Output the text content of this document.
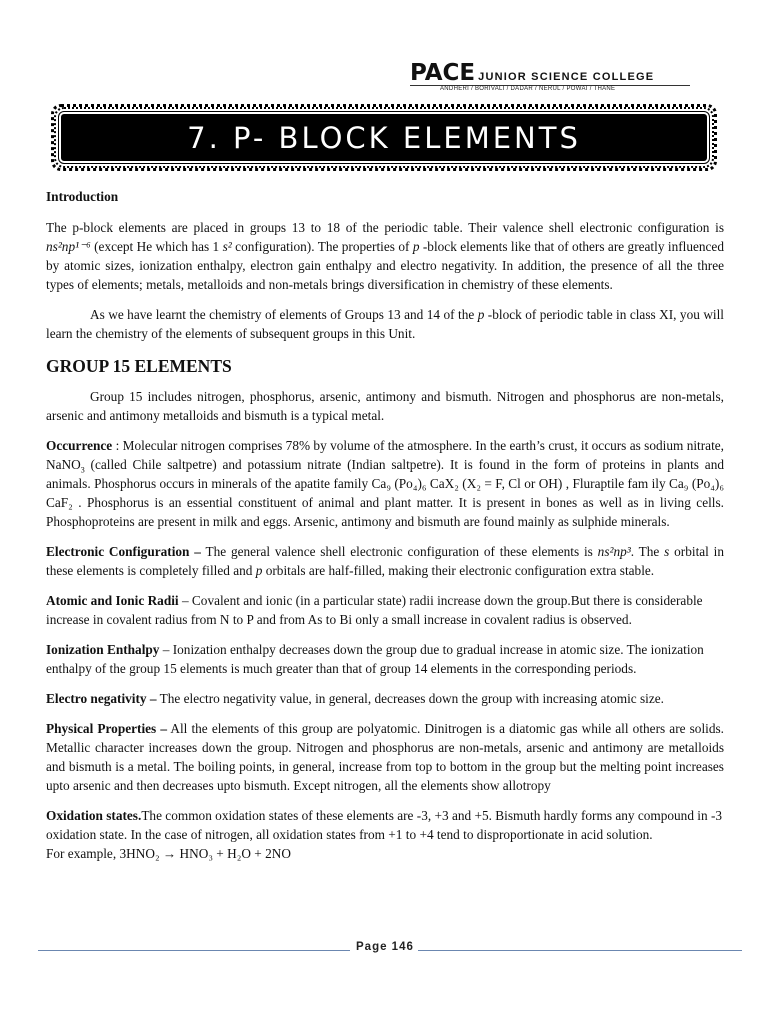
PACE JUNIOR SCIENCE COLLEGE
ANDHERI / BORIVALI / DADAR / NERUL / POWAI / THANE
7. P- BLOCK ELEMENTS
Introduction

The p-block elements are placed in groups 13 to 18 of the periodic table. Their valence shell electronic configuration is ns²np¹⁻⁶ (except He which has 1 s² configuration). The properties of p -block elements like that of others are greatly influenced by atomic sizes, ionization enthalpy, electron gain enthalpy and electro negativity. In addition, the presence of all the three types of elements; metals, metalloids and non-metals brings diversification in chemistry of these elements.

As we have learnt the chemistry of elements of Groups 13 and 14 of the p -block of periodic table in class XI, you will learn the chemistry of the elements of subsequent groups in this Unit.

GROUP 15 ELEMENTS

Group 15 includes nitrogen, phosphorus, arsenic, antimony and bismuth. Nitrogen and phosphorus are non-metals, arsenic and antimony metalloids and bismuth is a typical metal.

Occurrence : Molecular nitrogen comprises 78% by volume of the atmosphere. In the earth’s crust, it occurs as sodium nitrate, NaNO$_3$ (called Chile saltpetre) and potassium nitrate (Indian saltpetre). It is found in the form of proteins in plants and animals. Phosphorus occurs in minerals of the apatite family Ca₉ (Po₄)₆ CaX₂ (X₂ = F, Cl or OH) , Fluraptile fam ily Ca₉ (Po₄)₆ CaF₂ . Phosphorus is an essential constituent of animal and plant matter. It is present in bones as well as in living cells. Phosphoproteins are present in milk and eggs. Arsenic, antimony and bismuth are found mainly as sulphide minerals.

Electronic Configuration – The general valence shell electronic configuration of these elements is ns²np³. The s orbital in these elements is completely filled and p orbitals are half-filled, making their electronic configuration extra stable.

Atomic and Ionic Radii – Covalent and ionic (in a particular state) radii increase down the group.But there is considerable increase in covalent radius from N to P and from As to Bi only a small increase in covalent radius is observed.

Ionization Enthalpy – Ionization enthalpy decreases down the group due to gradual increase in atomic size. The ionization enthalpy of the group 15 elements is much greater than that of group 14 elements in the corresponding periods.

Electro negativity – The electro negativity value, in general, decreases down the group with increasing atomic size.

Physical Properties – All the elements of this group are polyatomic. Dinitrogen is a diatomic gas while all others are solids. Metallic character increases down the group. Nitrogen and phosphorus are non-metals, arsenic and antimony are metalloids and bismuth is a metal. The boiling points, in general, increase from top to bottom in the group but the melting point increases upto arsenic and then decreases upto bismuth. Except nitrogen, all the elements show allotropy

Oxidation states.The common oxidation states of these elements are -3, +3 and +5. Bismuth hardly forms any compound in -3 oxidation state. In the case of nitrogen, all oxidation states from +1 to +4 tend to disproportionate in acid solution.
For example, 3HNO₂ → HNO₃ + H₂O + 2NO

Page 146
